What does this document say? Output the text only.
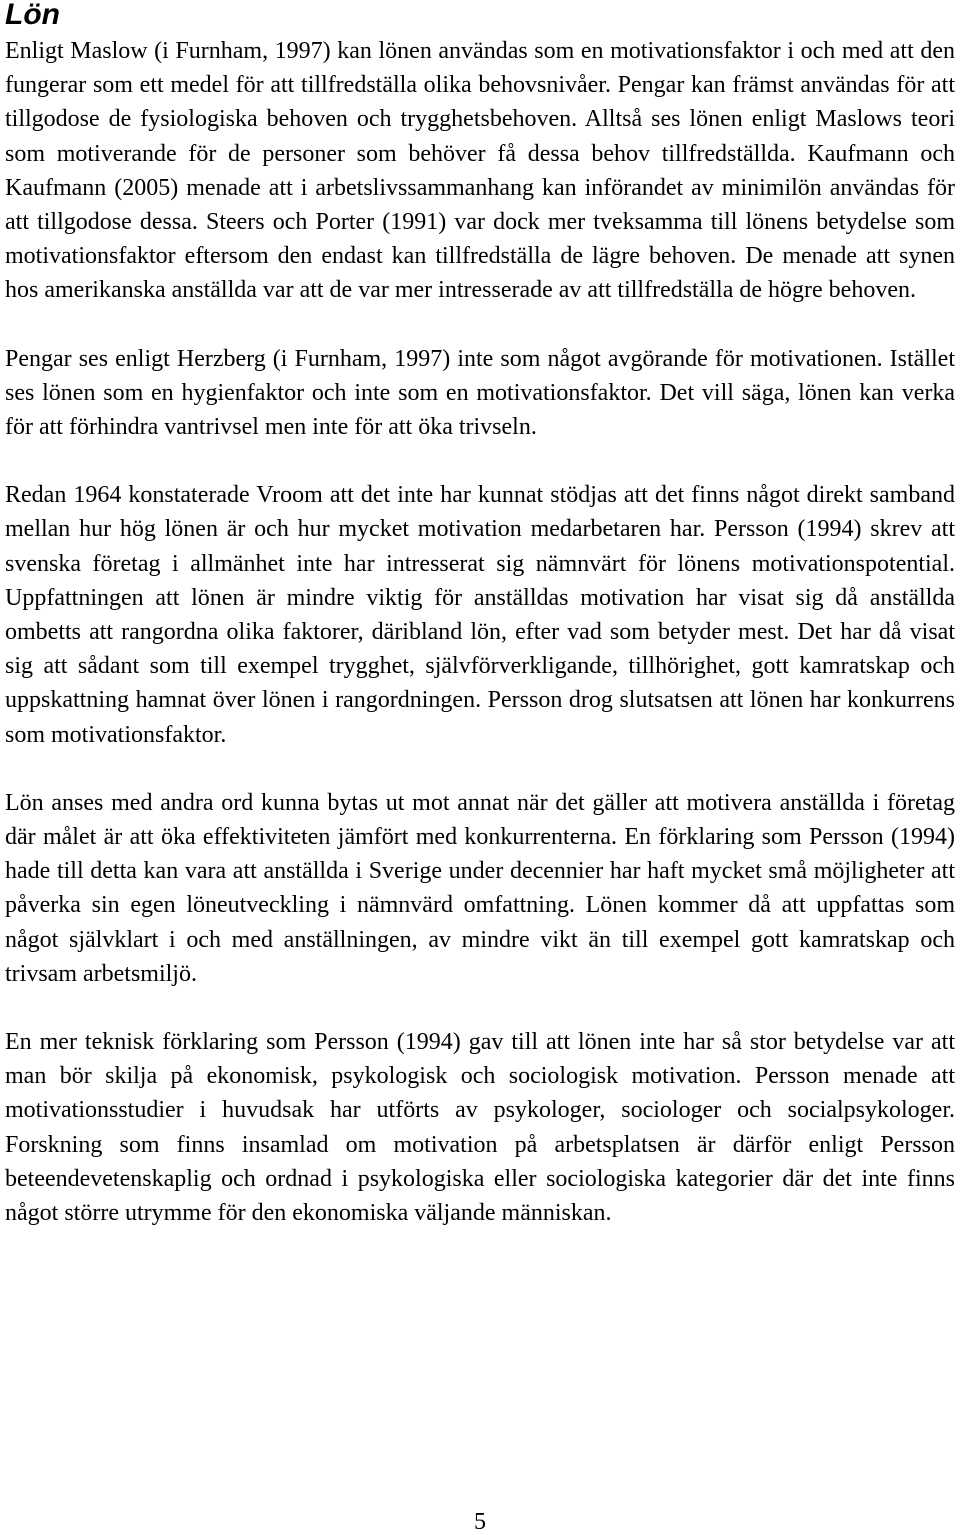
Lön

Enligt Maslow (i Furnham, 1997) kan lönen användas som en motivationsfaktor i och med att den fungerar som ett medel för att tillfredställa olika behovsnivåer. Pengar kan främst användas för att tillgodose de fysiologiska behoven och trygghetsbehoven. Alltså ses lönen enligt Maslows teori som motiverande för de personer som behöver få dessa behov tillfredställda. Kaufmann och Kaufmann (2005) menade att i arbetslivssammanhang kan införandet av minimilön användas för att tillgodose dessa. Steers och Porter (1991) var dock mer tveksamma till lönens betydelse som motivationsfaktor eftersom den endast kan tillfredställa de lägre behoven. De menade att synen hos amerikanska anställda var att de var mer intresserade av att tillfredställa de högre behoven.

Pengar ses enligt Herzberg (i Furnham, 1997) inte som något avgörande för motivationen. Istället ses lönen som en hygienfaktor och inte som en motivationsfaktor. Det vill säga, lönen kan verka för att förhindra vantrivsel men inte för att öka trivseln.

Redan 1964 konstaterade Vroom att det inte har kunnat stödjas att det finns något direkt samband mellan hur hög lönen är och hur mycket motivation medarbetaren har. Persson (1994) skrev att svenska företag i allmänhet inte har intresserat sig nämnvärt för lönens motivationspotential. Uppfattningen att lönen är mindre viktig för anställdas motivation har visat sig då anställda ombetts att rangordna olika faktorer, däribland lön, efter vad som betyder mest. Det har då visat sig att sådant som till exempel trygghet, självförverkligande, tillhörighet, gott kamratskap och uppskattning hamnat över lönen i rangordningen. Persson drog slutsatsen att lönen har konkurrens som motivationsfaktor.

Lön anses med andra ord kunna bytas ut mot annat när det gäller att motivera anställda i företag där målet är att öka effektiviteten jämfört med konkurrenterna. En förklaring som Persson (1994) hade till detta kan vara att anställda i Sverige under decennier har haft mycket små möjligheter att påverka sin egen löneutveckling i nämnvärd omfattning. Lönen kommer då att uppfattas som något självklart i och med anställningen, av mindre vikt än till exempel gott kamratskap och trivsam arbetsmiljö.

En mer teknisk förklaring som Persson (1994) gav till att lönen inte har så stor betydelse var att man bör skilja på ekonomisk, psykologisk och sociologisk motivation. Persson menade att motivationsstudier i huvudsak har utförts av psykologer, sociologer och socialpsykologer. Forskning som finns insamlad om motivation på arbetsplatsen är därför enligt Persson beteendevetenskaplig och ordnad i psykologiska eller sociologiska kategorier där det inte finns något större utrymme för den ekonomiska väljande människan.

5
